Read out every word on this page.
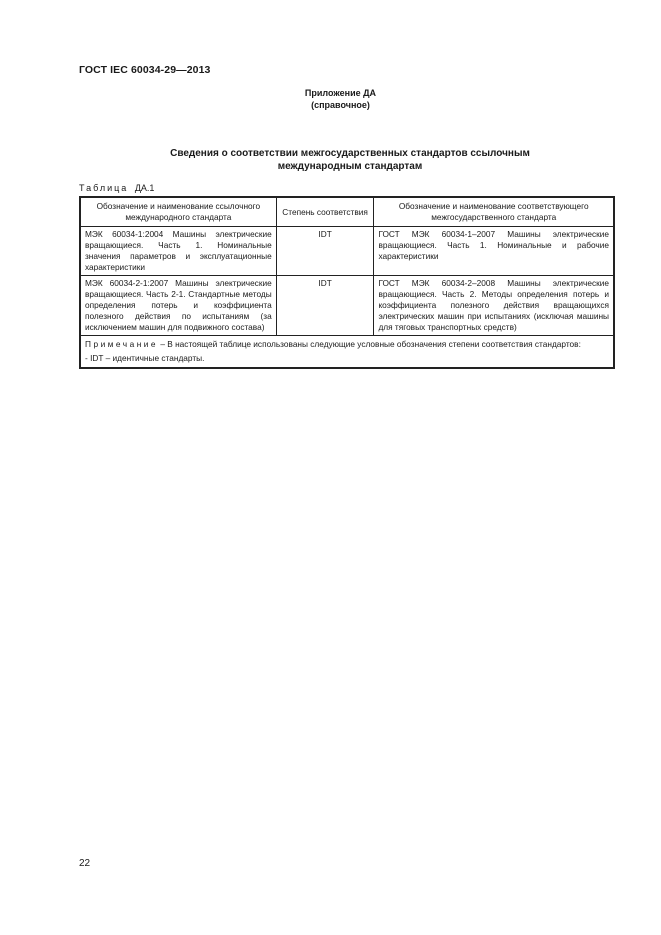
ГОСТ IEC 60034-29—2013
Приложение ДА
(справочное)
Сведения о соответствии межгосударственных стандартов ссылочным
международным стандартам
Таблица ДА.1
Обозначение и наименование ссылочного международного стандарта	Степень соответствия	Обозначение и наименование соответствующего межгосударственного стандарта
МЭК 60034-1:2004 Машины электрические вращающиеся. Часть 1. Номинальные значения параметров и эксплуатационные характеристики	IDT	ГОСТ МЭК 60034-1–2007 Машины электрические вращающиеся. Часть 1. Номинальные и рабочие характеристики
МЭК 60034-2-1:2007 Машины электрические вращающиеся. Часть 2-1. Стандартные методы определения потерь и коэффициента полезного действия по испытаниям (за исключением машин для подвижного состава)	IDT	ГОСТ МЭК 60034-2–2008 Машины электрические вращающиеся. Часть 2. Методы определения потерь и коэффициента полезного действия вращающихся электрических машин при испытаниях (исключая машины для тяговых транспортных средств)
Примечание – В настоящей таблице использованы следующие условные обозначения степени соответствия стандартов:
- IDT – идентичные стандарты.		
22
